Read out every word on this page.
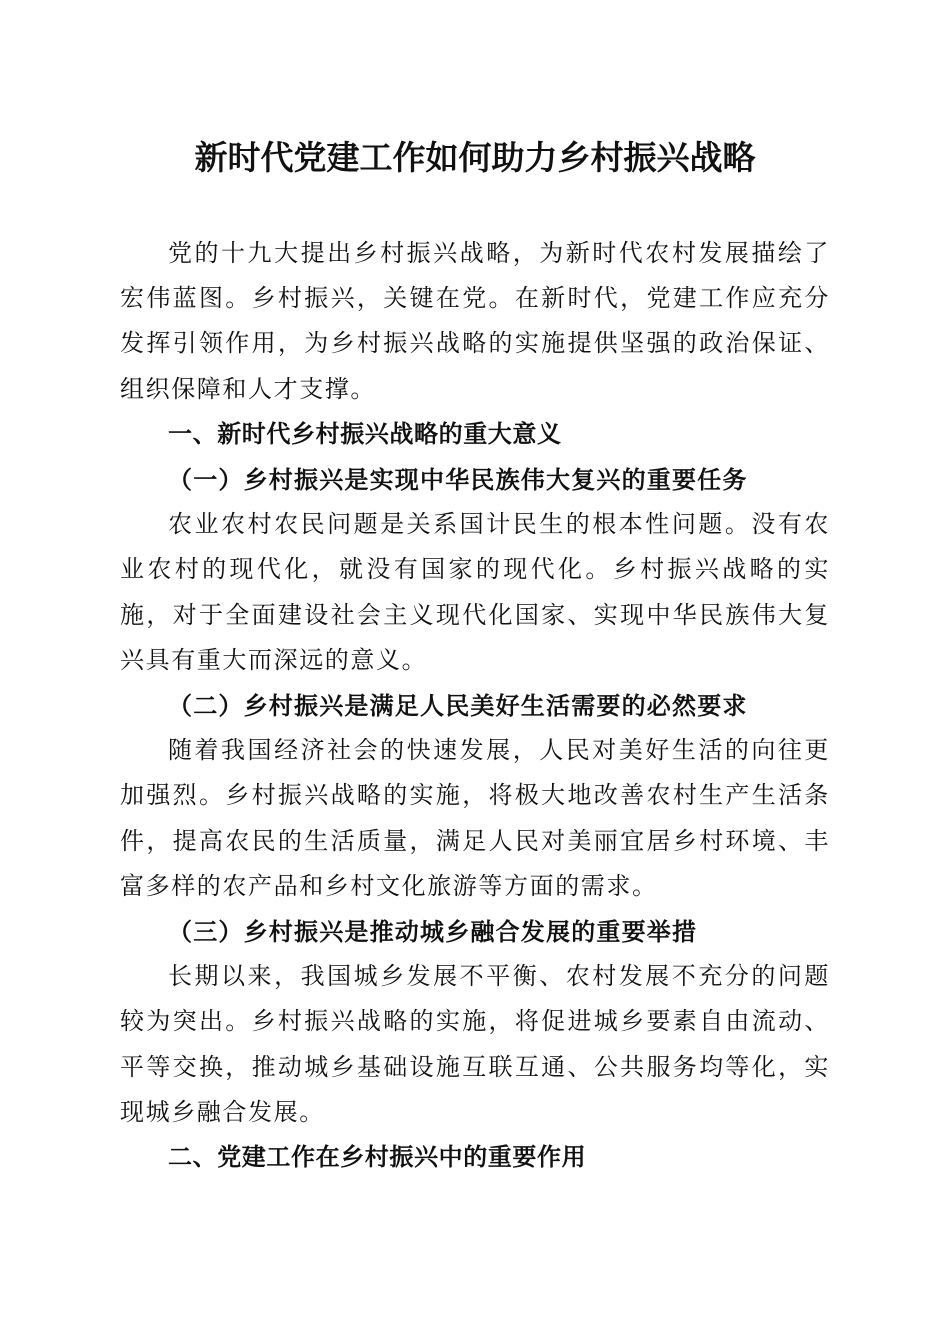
新时代党建工作如何助力乡村振兴战略

党的十九大提出乡村振兴战略，为新时代农村发展描绘了宏伟蓝图。乡村振兴，关键在党。在新时代，党建工作应充分发挥引领作用，为乡村振兴战略的实施提供坚强的政治保证、组织保障和人才支撑。

一、新时代乡村振兴战略的重大意义

（一）乡村振兴是实现中华民族伟大复兴的重要任务

农业农村农民问题是关系国计民生的根本性问题。没有农业农村的现代化，就没有国家的现代化。乡村振兴战略的实施，对于全面建设社会主义现代化国家、实现中华民族伟大复兴具有重大而深远的意义。

（二）乡村振兴是满足人民美好生活需要的必然要求

随着我国经济社会的快速发展，人民对美好生活的向往更加强烈。乡村振兴战略的实施，将极大地改善农村生产生活条件，提高农民的生活质量，满足人民对美丽宜居乡村环境、丰富多样的农产品和乡村文化旅游等方面的需求。

（三）乡村振兴是推动城乡融合发展的重要举措

长期以来，我国城乡发展不平衡、农村发展不充分的问题较为突出。乡村振兴战略的实施，将促进城乡要素自由流动、平等交换，推动城乡基础设施互联互通、公共服务均等化，实现城乡融合发展。

二、党建工作在乡村振兴中的重要作用
